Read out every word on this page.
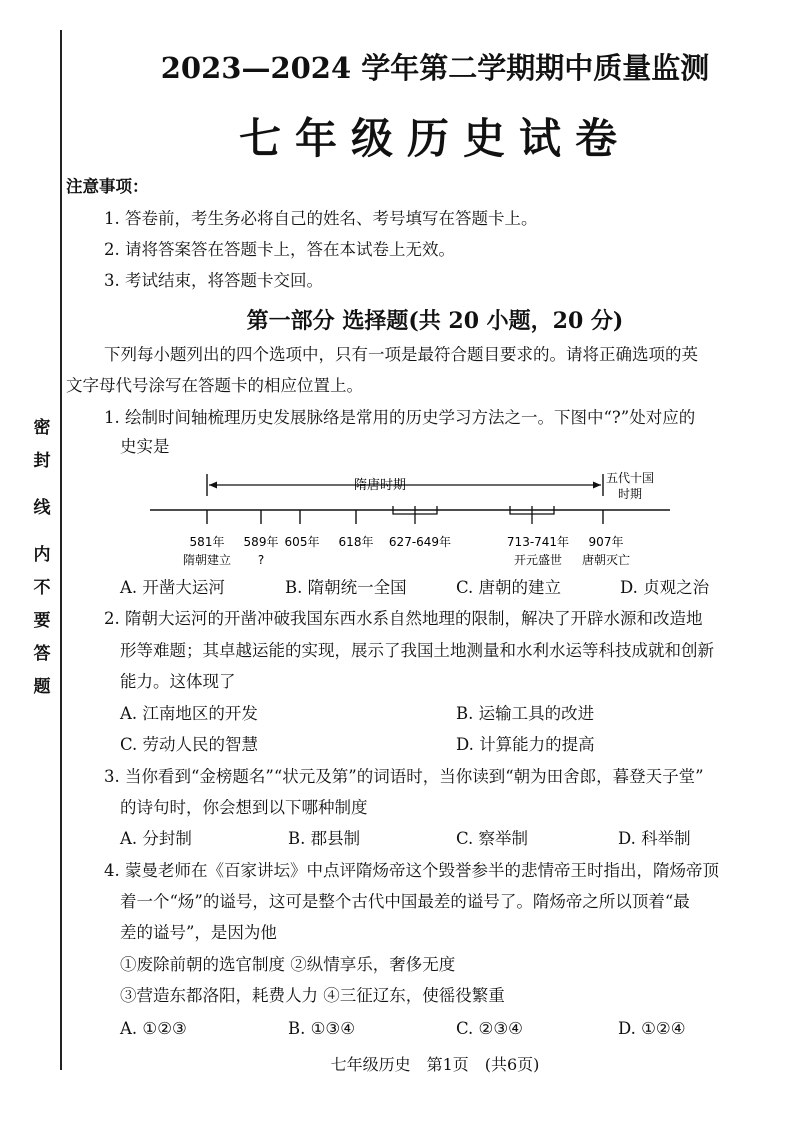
密
封
线
内
不
要
答
题
2023—2024 学年第二学期期中质量监测
七年级历史试卷
注意事项：
1. 答卷前，考生务必将自己的姓名、考号填写在答题卡上。
2. 请将答案答在答题卡上，答在本试卷上无效。
3. 考试结束，将答题卡交回。
第一部分 选择题(共 20 小题，20 分)
下列每小题列出的四个选项中，只有一项是最符合题目要求的。请将正确选项的英
文字母代号涂写在答题卡的相应位置上。
1. 绘制时间轴梳理历史发展脉络是常用的历史学习方法之一。下图中“?”处对应的
史实是
隋唐时期	五代十国
时期
581年 589年 605年 618年 627-649年	713-741年 907年
隋朝建立 ?	开元盛世 唐朝灭亡
A. 开凿大运河	B. 隋朝统一全国	C. 唐朝的建立	D. 贞观之治
2. 隋朝大运河的开凿冲破我国东西水系自然地理的限制，解决了开辟水源和改造地
形等难题；其卓越运能的实现，展示了我国土地测量和水利水运等科技成就和创新
能力。这体现了
A. 江南地区的开发	B. 运输工具的改进
C. 劳动人民的智慧	D. 计算能力的提高
3. 当你看到“金榜题名”“状元及第”的词语时，当你读到“朝为田舍郎，暮登天子堂”
的诗句时，你会想到以下哪种制度
A. 分封制	B. 郡县制	C. 察举制	D. 科举制
4. 蒙曼老师在《百家讲坛》中点评隋炀帝这个毁誉参半的悲情帝王时指出，隋炀帝顶
着一个“炀”的谥号，这可是整个古代中国最差的谥号了。隋炀帝之所以顶着“最
差的谥号”，是因为他
①废除前朝的选官制度 ②纵情享乐，奢侈无度
③营造东都洛阳，耗费人力 ④三征辽东，使徭役繁重
七年级历史　第1页　(共6页)
A. ①②③	B. ①③④	C. ②③④	D. ①②④
